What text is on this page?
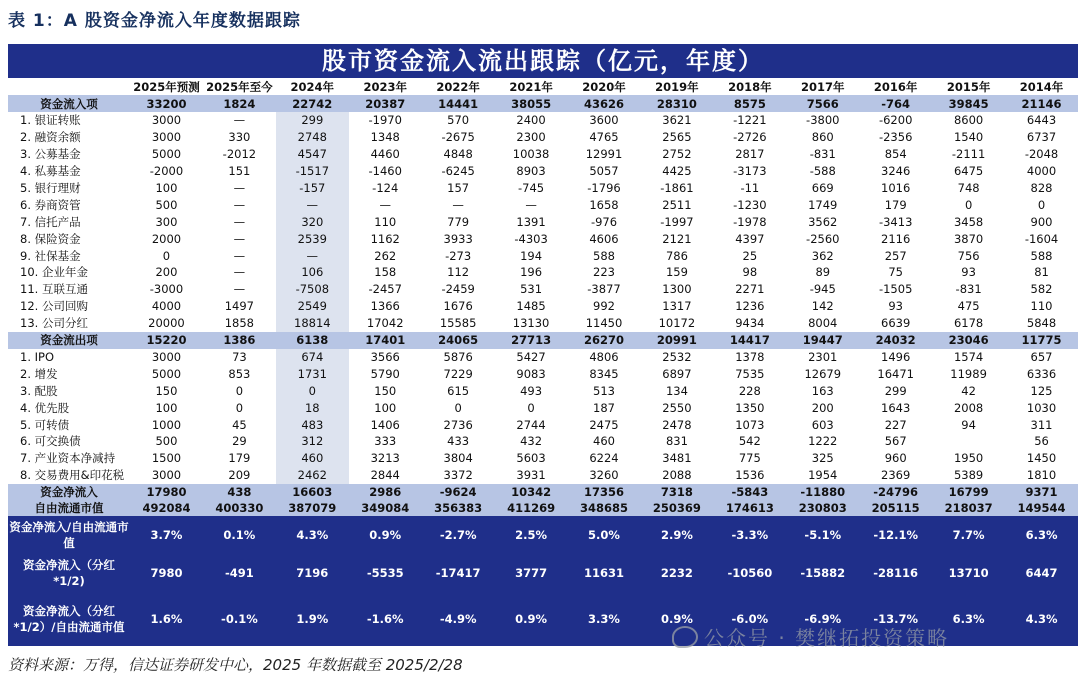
表 1：A 股资金净流入年度数据跟踪
股市资金流入流出跟踪（亿元，年度）
	2025年预测	2025年至今	2024年	2023年	2022年	2021年	2020年	2019年	2018年	2017年	2016年	2015年	2014年
资金流入项	33200	1824	22742	20387	14441	38055	43626	28310	8575	7566	-764	39845	21146
1. 银证转账	3000	—	299	-1970	570	2400	3600	3621	-1221	-3800	-6200	8600	6443
2. 融资余额	3000	330	2748	1348	-2675	2300	4765	2565	-2726	860	-2356	1540	6737
3. 公募基金	5000	-2012	4547	4460	4848	10038	12991	2752	2817	-831	854	-2111	-2048
4. 私募基金	-2000	151	-1517	-1460	-6245	8903	5057	4425	-3173	-588	3246	6475	4000
5. 银行理财	100	—	-157	-124	157	-745	-1796	-1861	-11	669	1016	748	828
6. 券商资管	500	—	—	—	—	—	1658	2511	-1230	1749	179	0	0
7. 信托产品	300	—	320	110	779	1391	-976	-1997	-1978	3562	-3413	3458	900
8. 保险资金	2000	—	2539	1162	3933	-4303	4606	2121	4397	-2560	2116	3870	-1604
9. 社保基金	0	—	—	262	-273	194	588	786	25	362	257	756	588
10. 企业年金	200	—	106	158	112	196	223	159	98	89	75	93	81
11. 互联互通	-3000	—	-7508	-2457	-2459	531	-3877	1300	2271	-945	-1505	-831	582
12. 公司回购	4000	1497	2549	1366	1676	1485	992	1317	1236	142	93	475	110
13. 公司分红	20000	1858	18814	17042	15585	13130	11450	10172	9434	8004	6639	6178	5848
资金流出项	15220	1386	6138	17401	24065	27713	26270	20991	14417	19447	24032	23046	11775
1. IPO	3000	73	674	3566	5876	5427	4806	2532	1378	2301	1496	1574	657
2. 增发	5000	853	1731	5790	7229	9083	8345	6897	7535	12679	16471	11989	6336
3. 配股	150	0	0	150	615	493	513	134	228	163	299	42	125
4. 优先股	100	0	18	100	0	0	187	2550	1350	200	1643	2008	1030
5. 可转债	1000	45	483	1406	2736	2744	2475	2478	1073	603	227	94	311
6. 可交换债	500	29	312	333	433	432	460	831	542	1222	567		56
7. 产业资本净减持	1500	179	460	3213	3804	5603	6224	3481	775	325	960	1950	1450
8. 交易费用&印花税	3000	209	2462	2844	3372	3931	3260	2088	1536	1954	2369	5389	1810
资金净流入	17980	438	16603	2986	-9624	10342	17356	7318	-5843	-11880	-24796	16799	9371
自由流通市值	492084	400330	387079	349084	356383	411269	348685	250369	174613	230803	205115	218037	149544
资金净流入/自由流通市值	3.7%	0.1%	4.3%	0.9%	-2.7%	2.5%	5.0%	2.9%	-3.3%	-5.1%	-12.1%	7.7%	6.3%
资金净流入（分红*1/2)	7980	-491	7196	-5535	-17417	3777	11631	2232	-10560	-15882	-28116	13710	6447
资金净流入（分红*1/2）/自由流通市值	1.6%	-0.1%	1.9%	-1.6%	-4.9%	0.9%	3.3%	0.9%	-6.0%	-6.9%	-13.7%	6.3%	4.3%
资料来源：万得，信达证券研发中心，2025 年数据截至 2025/2/28
公众号 · 樊继拓投资策略
